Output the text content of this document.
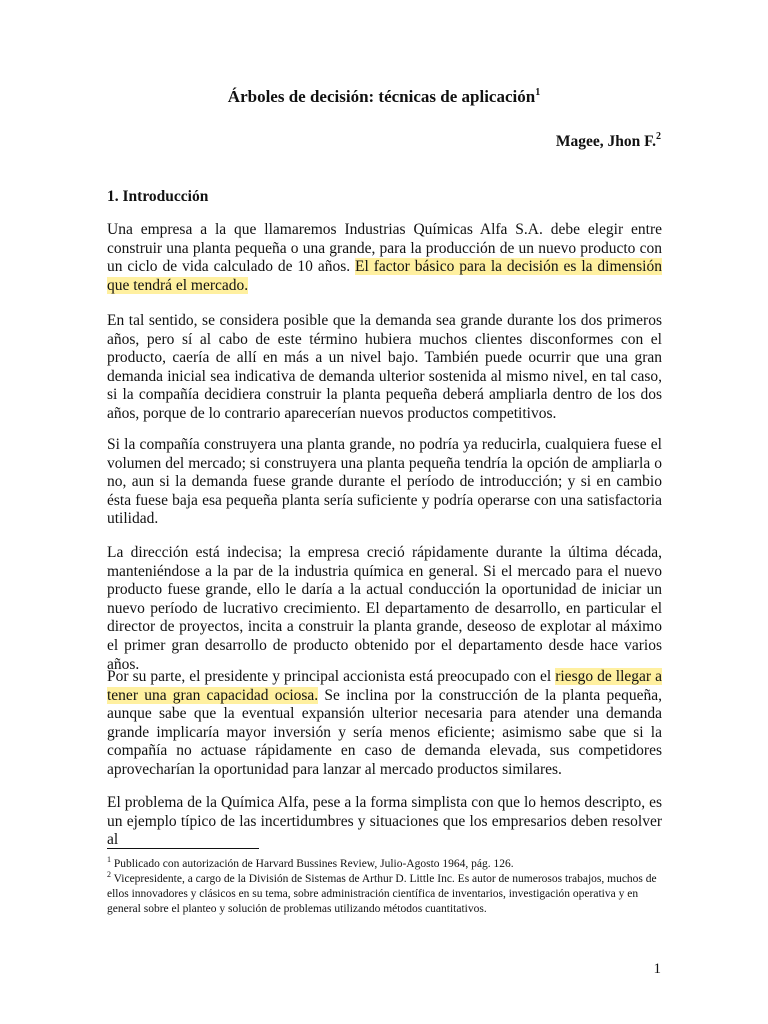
Árboles de decisión: técnicas de aplicación$^1$

Magee, Jhon F.$^2$

1. Introducción

Una empresa a la que llamaremos Industrias Químicas Alfa S.A. debe elegir entre construir una planta pequeña o una grande, para la producción de un nuevo producto con un ciclo de vida calculado de 10 años. El factor básico para la decisión es la dimensión que tendrá el mercado.

En tal sentido, se considera posible que la demanda sea grande durante los dos primeros años, pero sí al cabo de este término hubiera muchos clientes disconformes con el producto, caería de allí en más a un nivel bajo. También puede ocurrir que una gran demanda inicial sea indicativa de demanda ulterior sostenida al mismo nivel, en tal caso, si la compañía decidiera construir la planta pequeña deberá ampliarla dentro de los dos años, porque de lo contrario aparecerían nuevos productos competitivos.

Si la compañía construyera una planta grande, no podría ya reducirla, cualquiera fuese el volumen del mercado; si construyera una planta pequeña tendría la opción de ampliarla o no, aun si la demanda fuese grande durante el período de introducción; y si en cambio ésta fuese baja esa pequeña planta sería suficiente y podría operarse con una satisfactoria utilidad.

La dirección está indecisa; la empresa creció rápidamente durante la última década, manteniéndose a la par de la industria química en general. Si el mercado para el nuevo producto fuese grande, ello le daría a la actual conducción la oportunidad de iniciar un nuevo período de lucrativo crecimiento. El departamento de desarrollo, en particular el director de proyectos, incita a construir la planta grande, deseoso de explotar al máximo el primer gran desarrollo de producto obtenido por el departamento desde hace varios años.

Por su parte, el presidente y principal accionista está preocupado con el riesgo de llegar a tener una gran capacidad ociosa. Se inclina por la construcción de la planta pequeña, aunque sabe que la eventual expansión ulterior necesaria para atender una demanda grande implicaría mayor inversión y sería menos eficiente; asimismo sabe que si la compañía no actuase rápidamente en caso de demanda elevada, sus competidores aprovecharían la oportunidad para lanzar al mercado productos similares.

El problema de la Química Alfa, pese a la forma simplista con que lo hemos descripto, es un ejemplo típico de las incertidumbres y situaciones que los empresarios deben resolver al

$^1$ Publicado con autorización de Harvard Bussines Review, Julio-Agosto 1964, pág. 126.

$^2$ Vicepresidente, a cargo de la División de Sistemas de Arthur D. Little Inc. Es autor de numerosos trabajos, muchos de ellos innovadores y clásicos en su tema, sobre administración científica de inventarios, investigación operativa y en general sobre el planteo y solución de problemas utilizando métodos cuantitativos.

1
